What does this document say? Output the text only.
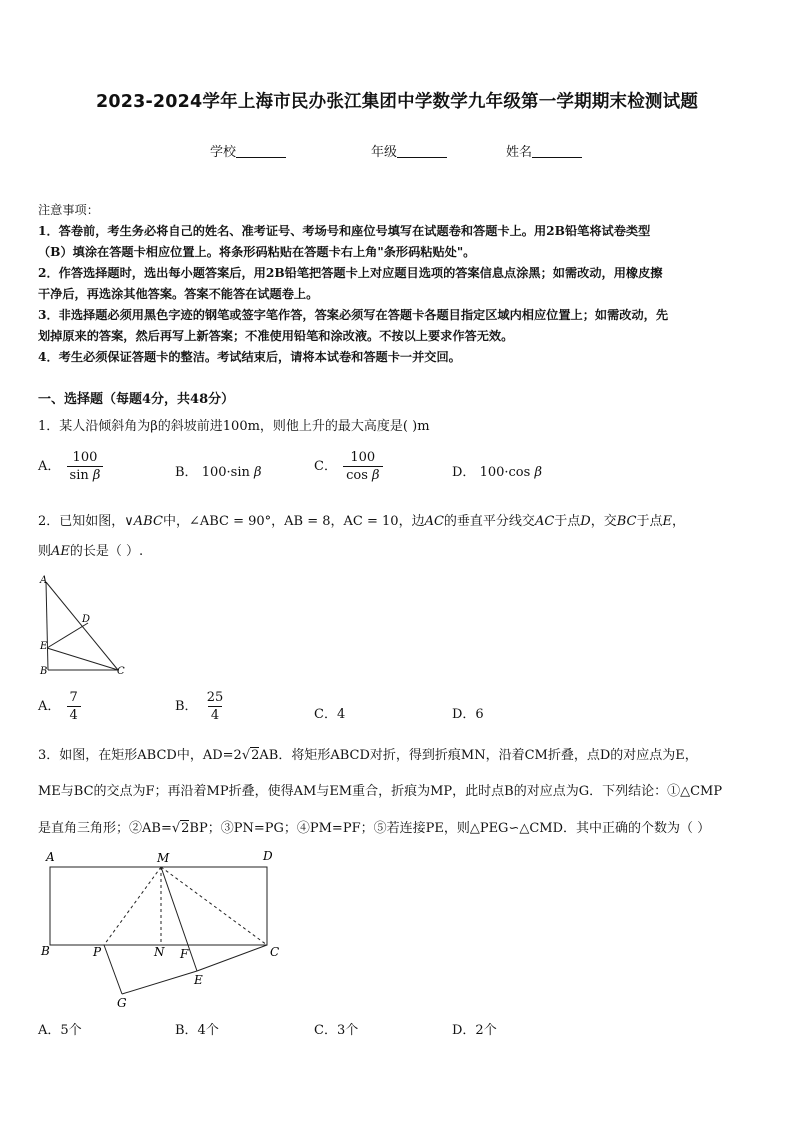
2023-2024学年上海市民办张江集团中学数学九年级第一学期期末检测试题
学校	年级	姓名
注意事项：
1．答卷前，考生务必将自己的姓名、准考证号、考场号和座位号填写在试题卷和答题卡上。用2B铅笔将试卷类型
（B）填涂在答题卡相应位置上。将条形码粘贴在答题卡右上角"条形码粘贴处"。
2．作答选择题时，选出每小题答案后，用2B铅笔把答题卡上对应题目选项的答案信息点涂黑；如需改动，用橡皮擦
干净后，再选涂其他答案。答案不能答在试题卷上。
3．非选择题必须用黑色字迹的钢笔或签字笔作答，答案必须写在答题卡各题目指定区域内相应位置上；如需改动，先
划掉原来的答案，然后再写上新答案；不准使用铅笔和涂改液。不按以上要求作答无效。
4．考生必须保证答题卡的整洁。考试结束后，请将本试卷和答题卡一并交回。
一、选择题（每题4分，共48分）
1．某人沿倾斜角为β的斜坡前进100m，则他上升的最大高度是( )m
A． $\frac{100}{\text{sin β}}$	B． 100·sin β	C． $\frac{100}{\text{cos β}}$	D． 100·cos β
2．已知如图，∨ABC中，∠ABC = 90°，AB = 8，AC = 10，边AC的垂直平分线交AC于点D，交BC于点E，
则AE的长是（ ）.
A
D
E
B	C
A． $\frac{7}{4}$	B． $\frac{25}{4}$	C．4	D．6
3．如图，在矩形ABCD中，AD=2√2AB．将矩形ABCD对折，得到折痕MN，沿着CM折叠，点D的对应点为E，
ME与BC的交点为F；再沿着MP折叠，使得AM与EM重合，折痕为MP，此时点B的对应点为G．下列结论：①△CMP
是直角三角形；②AB=√2BP；③PN=PG；④PM=PF；⑤若连接PE，则△PEG∽△CMD．其中正确的个数为（ ）
A	M	D
B	P	N F	C
E
G
A．5个	B．4个	C．3个	D．2个
